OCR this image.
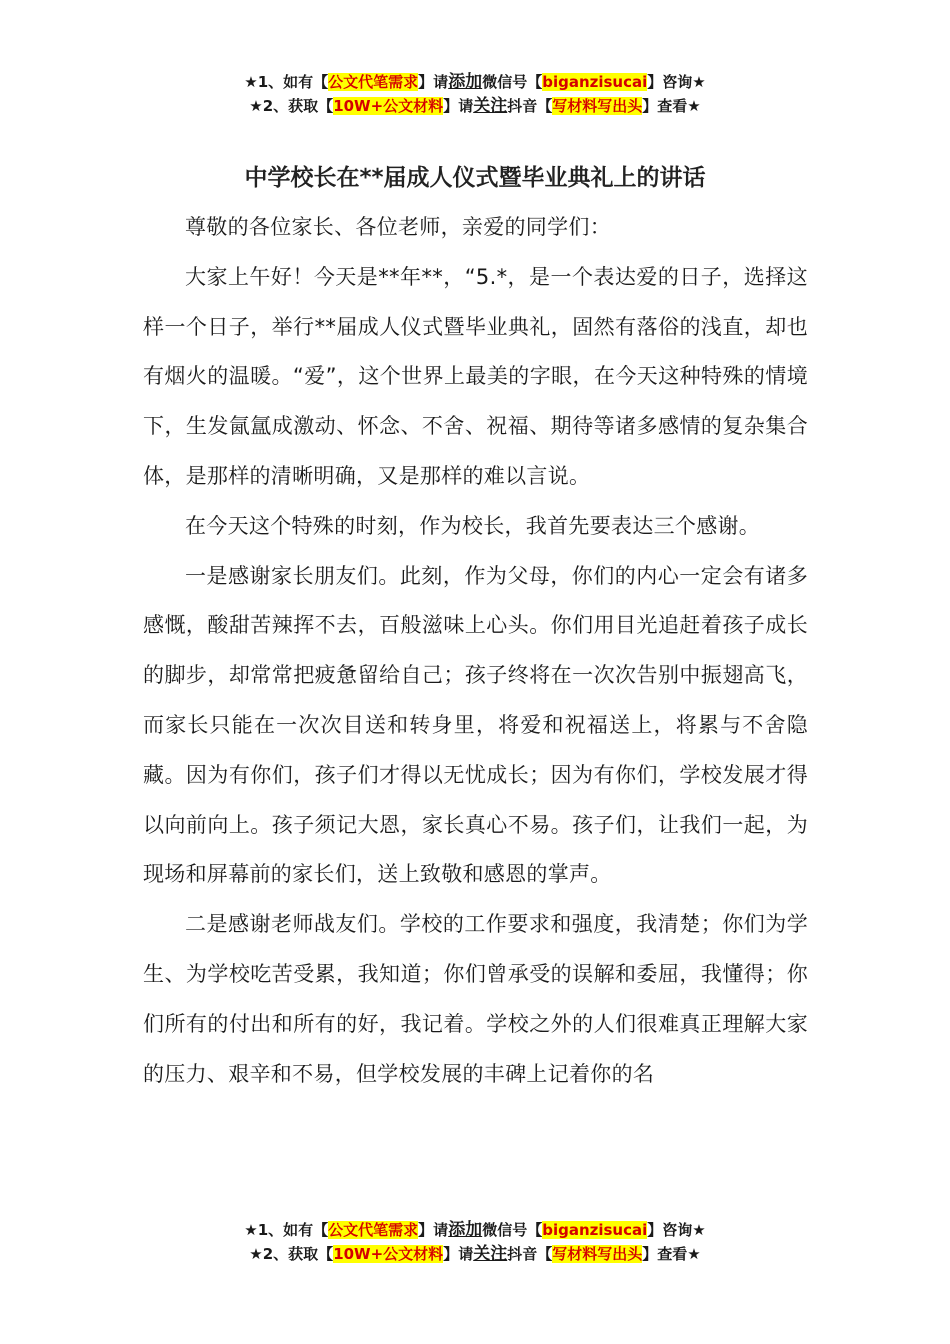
★1、如有【公文代笔需求】请添加微信号【biganzisucai】咨询★
★2、获取【10W+公文材料】请关注抖音【写材料写出头】查看★
中学校长在**届成人仪式暨毕业典礼上的讲话

尊敬的各位家长、各位老师，亲爱的同学们：

大家上午好！今天是**年**，“5.*，是一个表达爱的日子，选择这样一个日子，举行**届成人仪式暨毕业典礼，固然有落俗的浅直，却也有烟火的温暖。“爱”，这个世界上最美的字眼，在今天这种特殊的情境下，生发氤氲成激动、怀念、不舍、祝福、期待等诸多感情的复杂集合体，是那样的清晰明确，又是那样的难以言说。

在今天这个特殊的时刻，作为校长，我首先要表达三个感谢。

一是感谢家长朋友们。此刻，作为父母，你们的内心一定会有诸多感慨，酸甜苦辣挥不去，百般滋味上心头。你们用目光追赶着孩子成长的脚步，却常常把疲惫留给自己；孩子终将在一次次告别中振翅高飞，而家长只能在一次次目送和转身里，将爱和祝福送上，将累与不舍隐藏。因为有你们，孩子们才得以无忧成长；因为有你们，学校发展才得以向前向上。孩子须记大恩，家长真心不易。孩子们，让我们一起，为现场和屏幕前的家长们，送上致敬和感恩的掌声。

二是感谢老师战友们。学校的工作要求和强度，我清楚；你们为学生、为学校吃苦受累，我知道；你们曾承受的误解和委屈，我懂得；你们所有的付出和所有的好，我记着。学校之外的人们很难真正理解大家的压力、艰辛和不易，但学校发展的丰碑上记着你的名

★1、如有【公文代笔需求】请添加微信号【biganzisucai】咨询★
★2、获取【10W+公文材料】请关注抖音【写材料写出头】查看★
